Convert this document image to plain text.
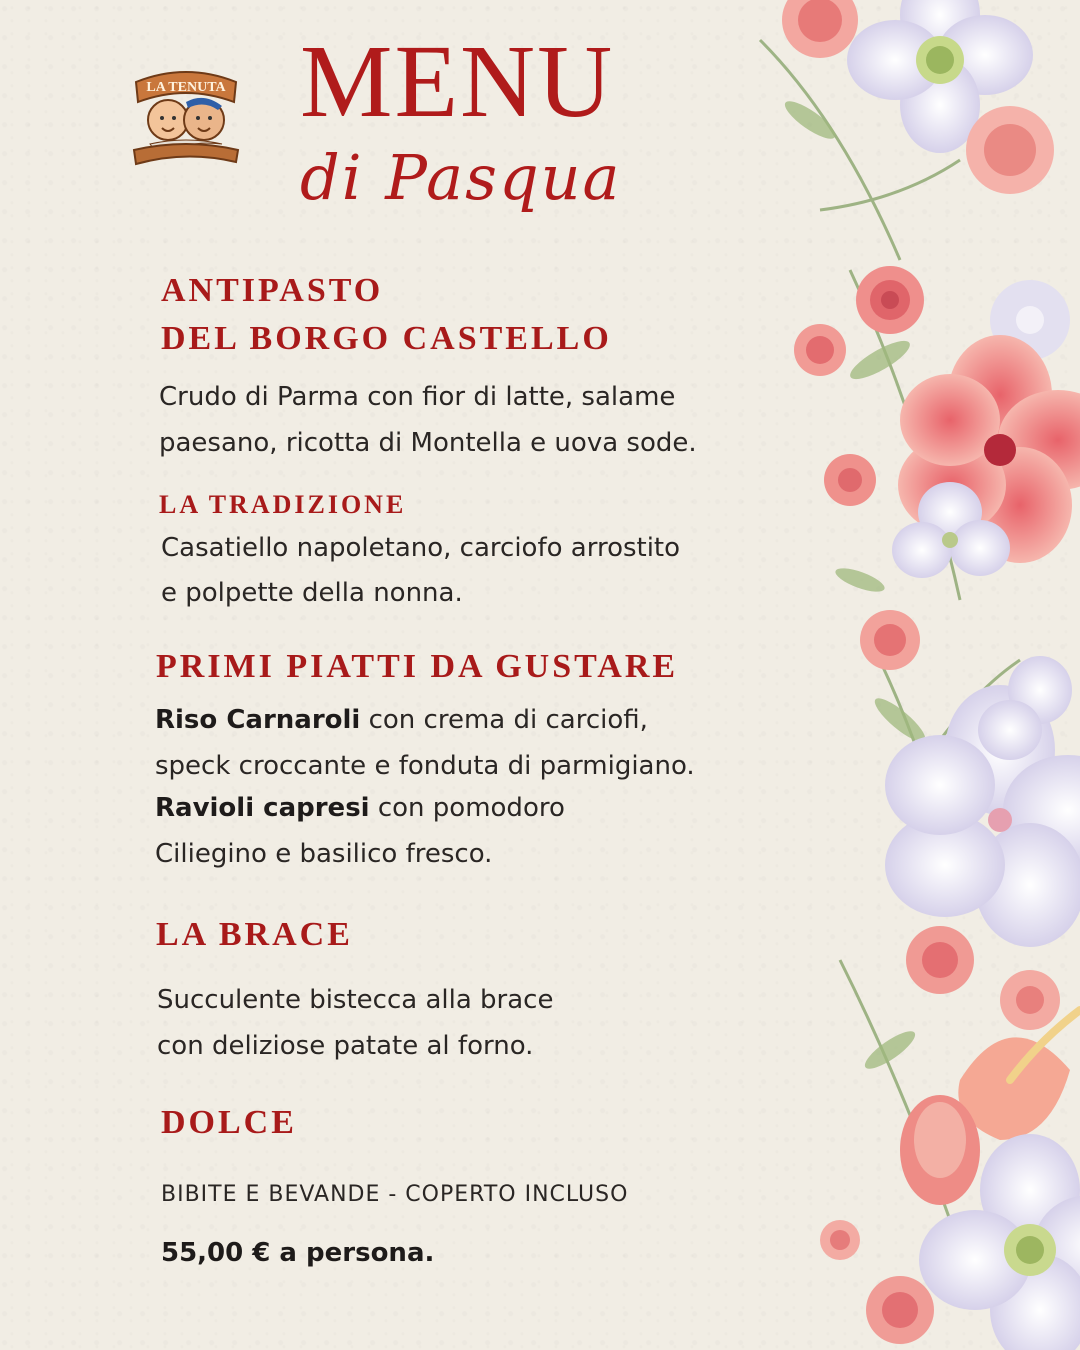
LA TENUTA MENU
di Pasqua
ANTIPASTO
DEL BORGO CASTELLO

Crudo di Parma con fior di latte, salame

paesano, ricotta di Montella e uova sode.

LA TRADIZIONE

Casatiello napoletano, carciofo arrostito

e polpette della nonna.

PRIMI PIATTI DA GUSTARE

Riso Carnaroli con crema di carciofi,

speck croccante e fonduta di parmigiano.

Ravioli capresi con pomodoro

Ciliegino e basilico fresco.

LA BRACE

Succulente bistecca alla brace

con deliziose patate al forno.

DOLCE

BIBITE E BEVANDE - COPERTO INCLUSO

55,00 € a persona.
